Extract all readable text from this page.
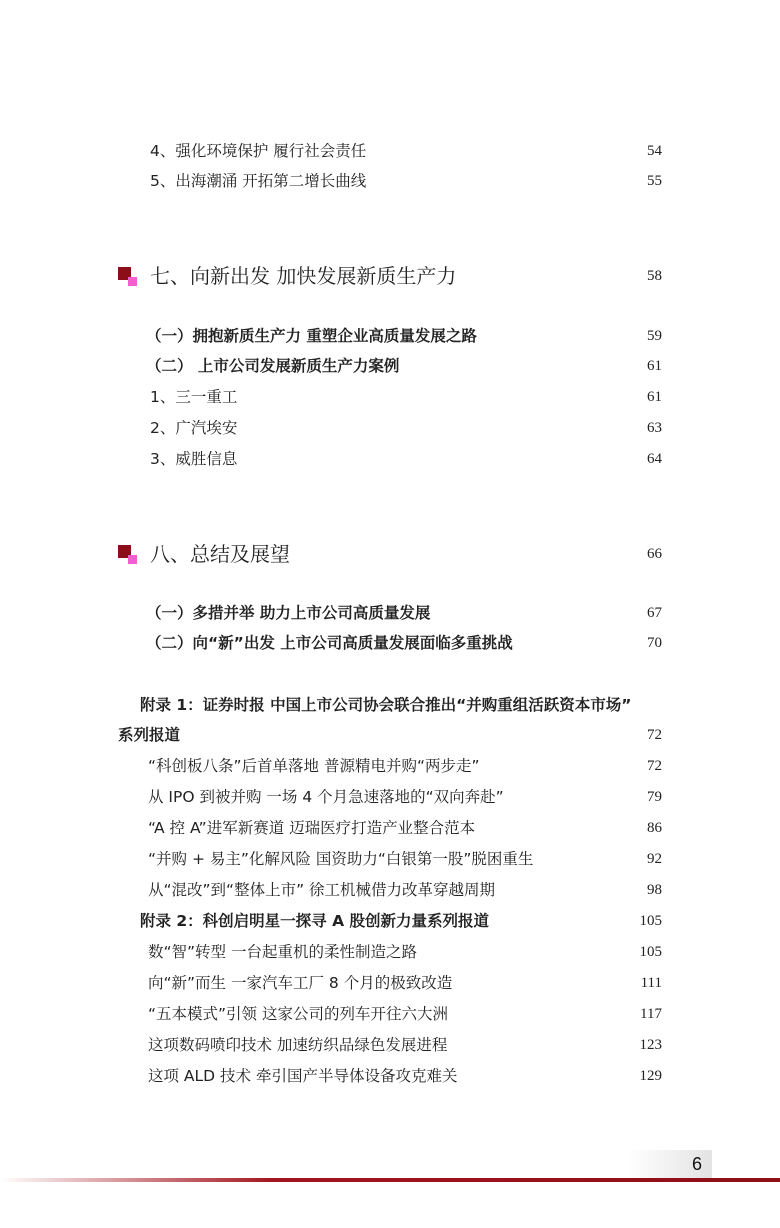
4、强化环境保护 履行社会责任	54
5、出海潮涌 开拓第二增长曲线	55
七、向新出发 加快发展新质生产力	58
（一）拥抱新质生产力 重塑企业高质量发展之路	59
（二） 上市公司发展新质生产力案例	61
1、三一重工	61
2、广汽埃安	63
3、威胜信息	64
八、总结及展望	66
（一）多措并举 助力上市公司高质量发展	67
（二）向“新”出发 上市公司高质量发展面临多重挑战	70
附录 1：证券时报 中国上市公司协会联合推出“并购重组活跃资本市场”
系列报道	72
“科创板八条”后首单落地 普源精电并购“两步走”	72
从 IPO 到被并购 一场 4 个月急速落地的“双向奔赴”	79
“A 控 A”进军新赛道 迈瑞医疗打造产业整合范本	86
“并购 + 易主”化解风险 国资助力“白银第一股”脱困重生	92
从“混改”到“整体上市” 徐工机械借力改革穿越周期	98
附录 2：科创启明星一探寻 A 股创新力量系列报道	105
数“智”转型 一台起重机的柔性制造之路	105
向“新”而生 一家汽车工厂 8 个月的极致改造	111
“五本模式”引领 这家公司的列车开往六大洲	117
这项数码喷印技术 加速纺织品绿色发展进程	123
这项 ALD 技术 牵引国产半导体设备攻克难关	129
6
